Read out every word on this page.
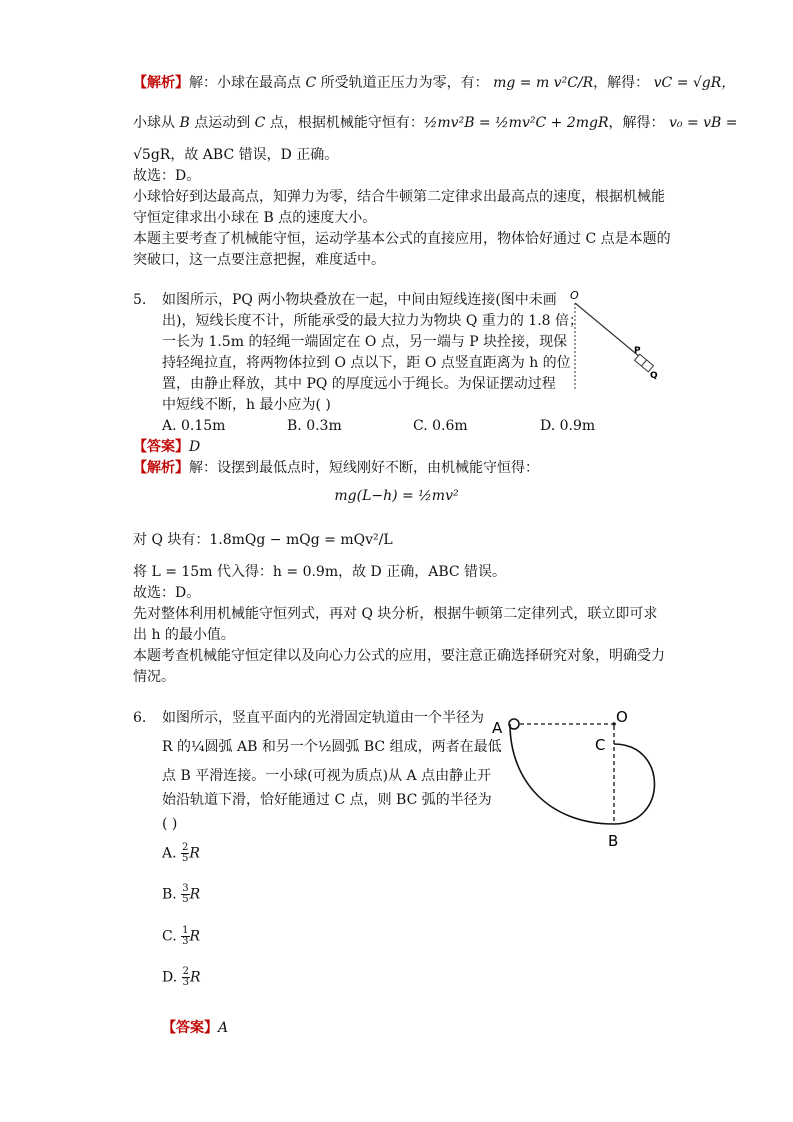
【解析】解：小球在最高点 C 所受轨道正压力为零，有： mg = m v²C/R，解得： vC = √gR，
小球从 B 点运动到 C 点，根据机械能守恒有：½mv²B = ½mv²C + 2mgR，解得： v₀ = vB =
√5gR，故 ABC 错误，D 正确。
故选：D。
小球恰好到达最高点，知弹力为零，结合牛顿第二定律求出最高点的速度，根据机械能
守恒定律求出小球在 B 点的速度大小。
本题主要考查了机械能守恒，运动学基本公式的直接应用，物体恰好通过 C 点是本题的
突破口，这一点要注意把握，难度适中。
5. 如图所示，PQ 两小物块叠放在一起，中间由短线连接(图中未画
出)，短线长度不计，所能承受的最大拉力为物块 Q 重力的 1.8 倍；
一长为 1.5m 的轻绳一端固定在 O 点，另一端与 P 块拴接，现保
持轻绳拉直，将两物体拉到 O 点以下，距 O 点竖直距离为 h 的位
置，由静止释放，其中 PQ 的厚度远小于绳长。为保证摆动过程
中短线不断，h 最小应为( )
A. 0.15m	B. 0.3m	C. 0.6m	D. 0.9m
O
P
Q
【答案】D
【解析】解：设摆到最低点时，短线刚好不断，由机械能守恒得：
mg(L−h) = ½mv²
对 Q 块有：1.8mQg − mQg = mQv²/L
将 L = 15m 代入得：h = 0.9m，故 D 正确，ABC 错误。
故选：D。
先对整体利用机械能守恒列式，再对 Q 块分析，根据牛顿第二定律列式，联立即可求
出 h 的最小值。
本题考查机械能守恒定律以及向心力公式的应用，要注意正确选择研究对象，明确受力
情况。
6. 如图所示，竖直平面内的光滑固定轨道由一个半径为
R 的¼圆弧 AB 和另一个½圆弧 BC 组成，两者在最低
点 B 平滑连接。一小球(可视为质点)从 A 点由静止开
始沿轨道下滑，恰好能通过 C 点，则 BC 弧的半径为
( )
A. $\frac{2}{5}$ R
B. $\frac{3}{5}$ R
C. $\frac{1}{3}$ R
D. $\frac{2}{3}$ R
A
O
C
B
【答案】A
